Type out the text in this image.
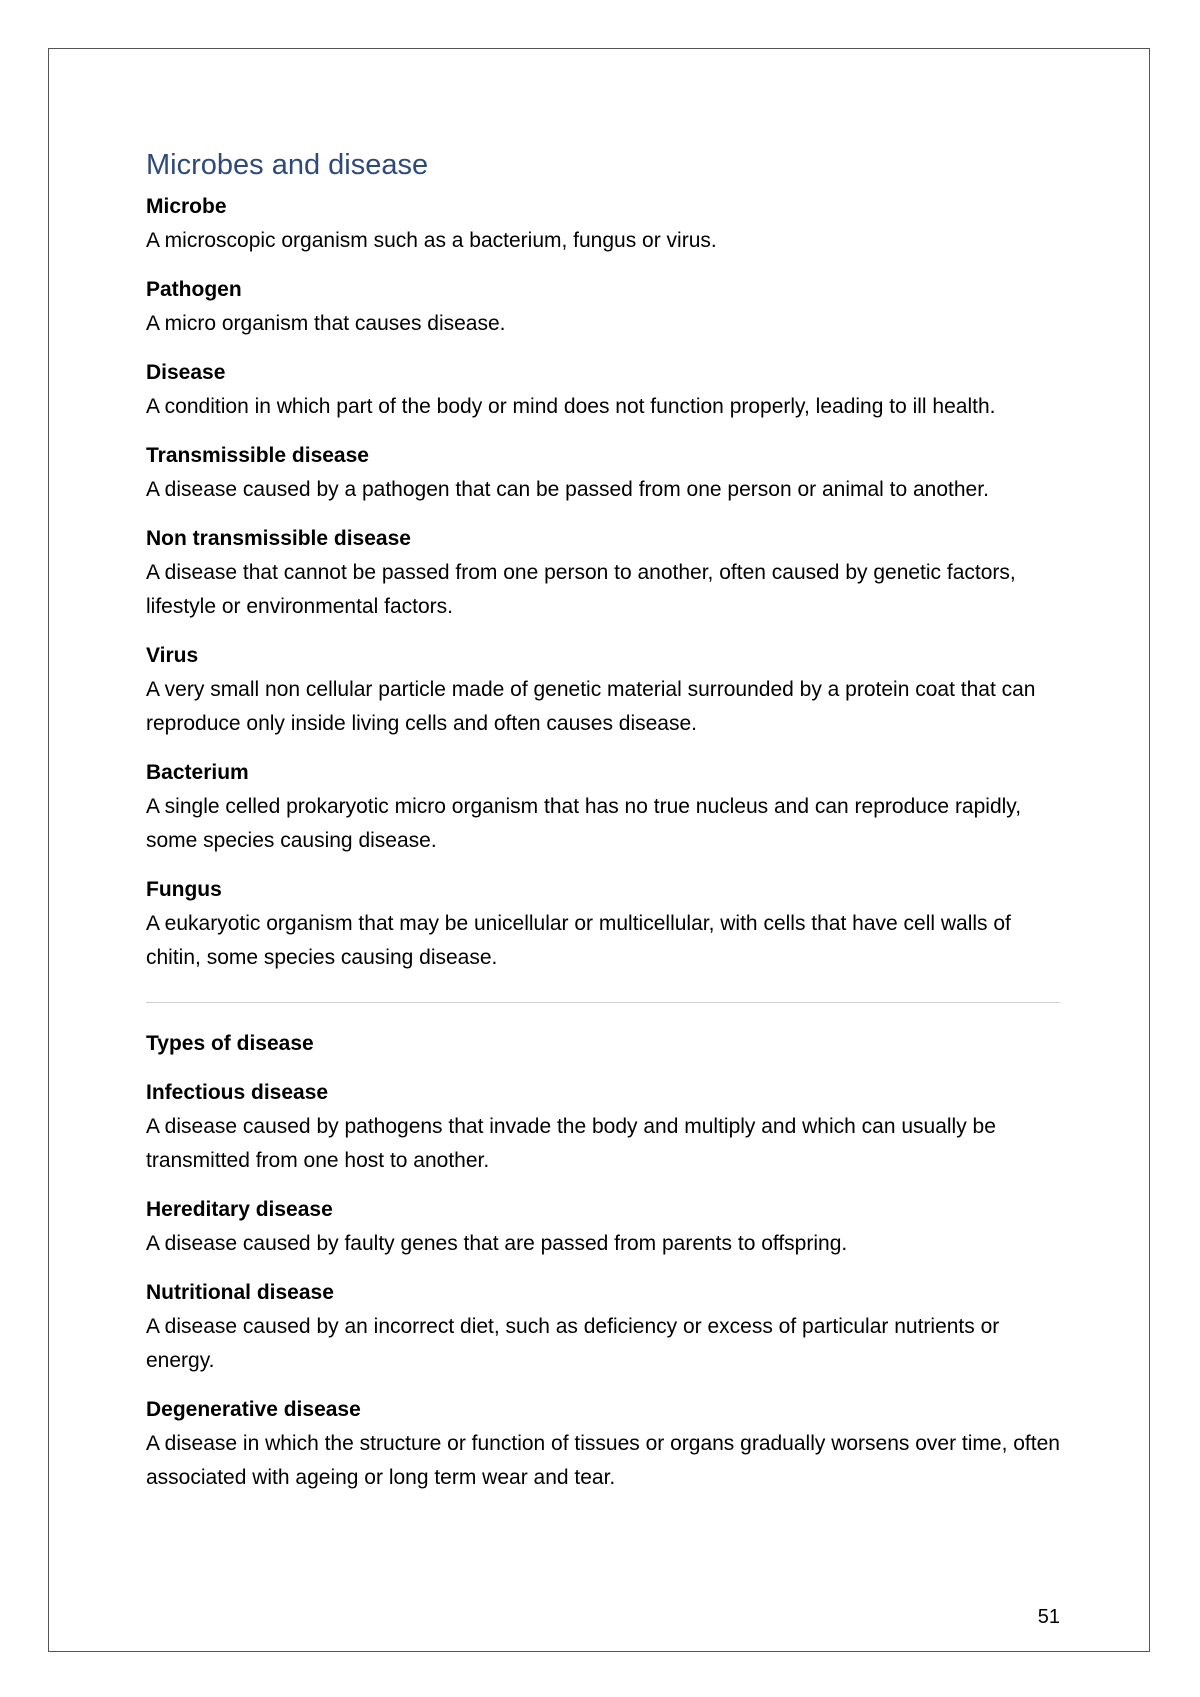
Microbes and disease
Microbe
A microscopic organism such as a bacterium, fungus or virus.
Pathogen
A micro organism that causes disease.
Disease
A condition in which part of the body or mind does not function properly, leading to ill health.
Transmissible disease
A disease caused by a pathogen that can be passed from one person or animal to another.
Non transmissible disease
A disease that cannot be passed from one person to another, often caused by genetic factors, lifestyle or environmental factors.
Virus
A very small non cellular particle made of genetic material surrounded by a protein coat that can reproduce only inside living cells and often causes disease.
Bacterium
A single celled prokaryotic micro organism that has no true nucleus and can reproduce rapidly, some species causing disease.
Fungus
A eukaryotic organism that may be unicellular or multicellular, with cells that have cell walls of chitin, some species causing disease.
Types of disease
Infectious disease
A disease caused by pathogens that invade the body and multiply and which can usually be transmitted from one host to another.
Hereditary disease
A disease caused by faulty genes that are passed from parents to offspring.
Nutritional disease
A disease caused by an incorrect diet, such as deficiency or excess of particular nutrients or energy.
Degenerative disease
A disease in which the structure or function of tissues or organs gradually worsens over time, often associated with ageing or long term wear and tear.
51
